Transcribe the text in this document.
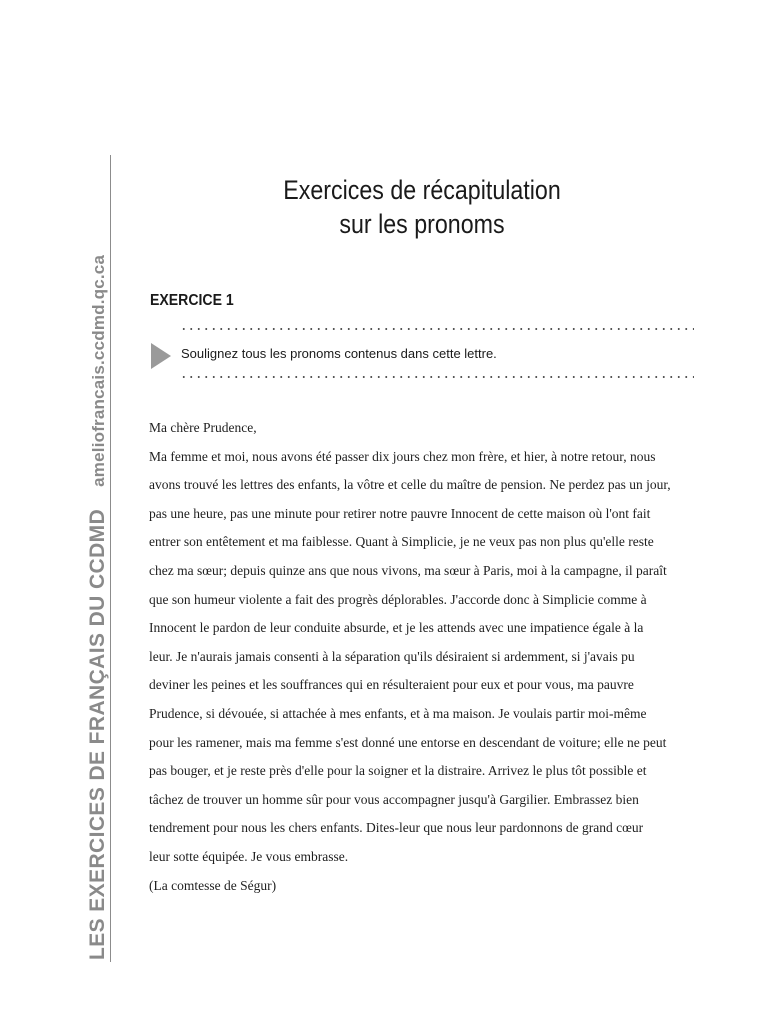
LES EXERCICES DE FRANÇAIS DU CCDMDameliofrancais.ccdmd.qc.ca
Exercices de récapitulation
sur les pronoms
EXERCICE 1
Soulignez tous les pronoms contenus dans cette lettre.

Ma chère Prudence,

Ma femme et moi, nous avons été passer dix jours chez mon frère, et hier, à notre retour, nous

avons trouvé les lettres des enfants, la vôtre et celle du maître de pension. Ne perdez pas un jour,

pas une heure, pas une minute pour retirer notre pauvre Innocent de cette maison où l'ont fait

entrer son entêtement et ma faiblesse. Quant à Simplicie, je ne veux pas non plus qu'elle reste

chez ma sœur; depuis quinze ans que nous vivons, ma sœur à Paris, moi à la campagne, il paraît

que son humeur violente a fait des progrès déplorables. J'accorde donc à Simplicie comme à

Innocent le pardon de leur conduite absurde, et je les attends avec une impatience égale à la

leur. Je n'aurais jamais consenti à la séparation qu'ils désiraient si ardemment, si j'avais pu

deviner les peines et les souffrances qui en résulteraient pour eux et pour vous, ma pauvre

Prudence, si dévouée, si attachée à mes enfants, et à ma maison. Je voulais partir moi-même

pour les ramener, mais ma femme s'est donné une entorse en descendant de voiture; elle ne peut

pas bouger, et je reste près d'elle pour la soigner et la distraire. Arrivez le plus tôt possible et

tâchez de trouver un homme sûr pour vous accompagner jusqu'à Gargilier. Embrassez bien

tendrement pour nous les chers enfants. Dites-leur que nous leur pardonnons de grand cœur

leur sotte équipée. Je vous embrasse.

(La comtesse de Ségur)
